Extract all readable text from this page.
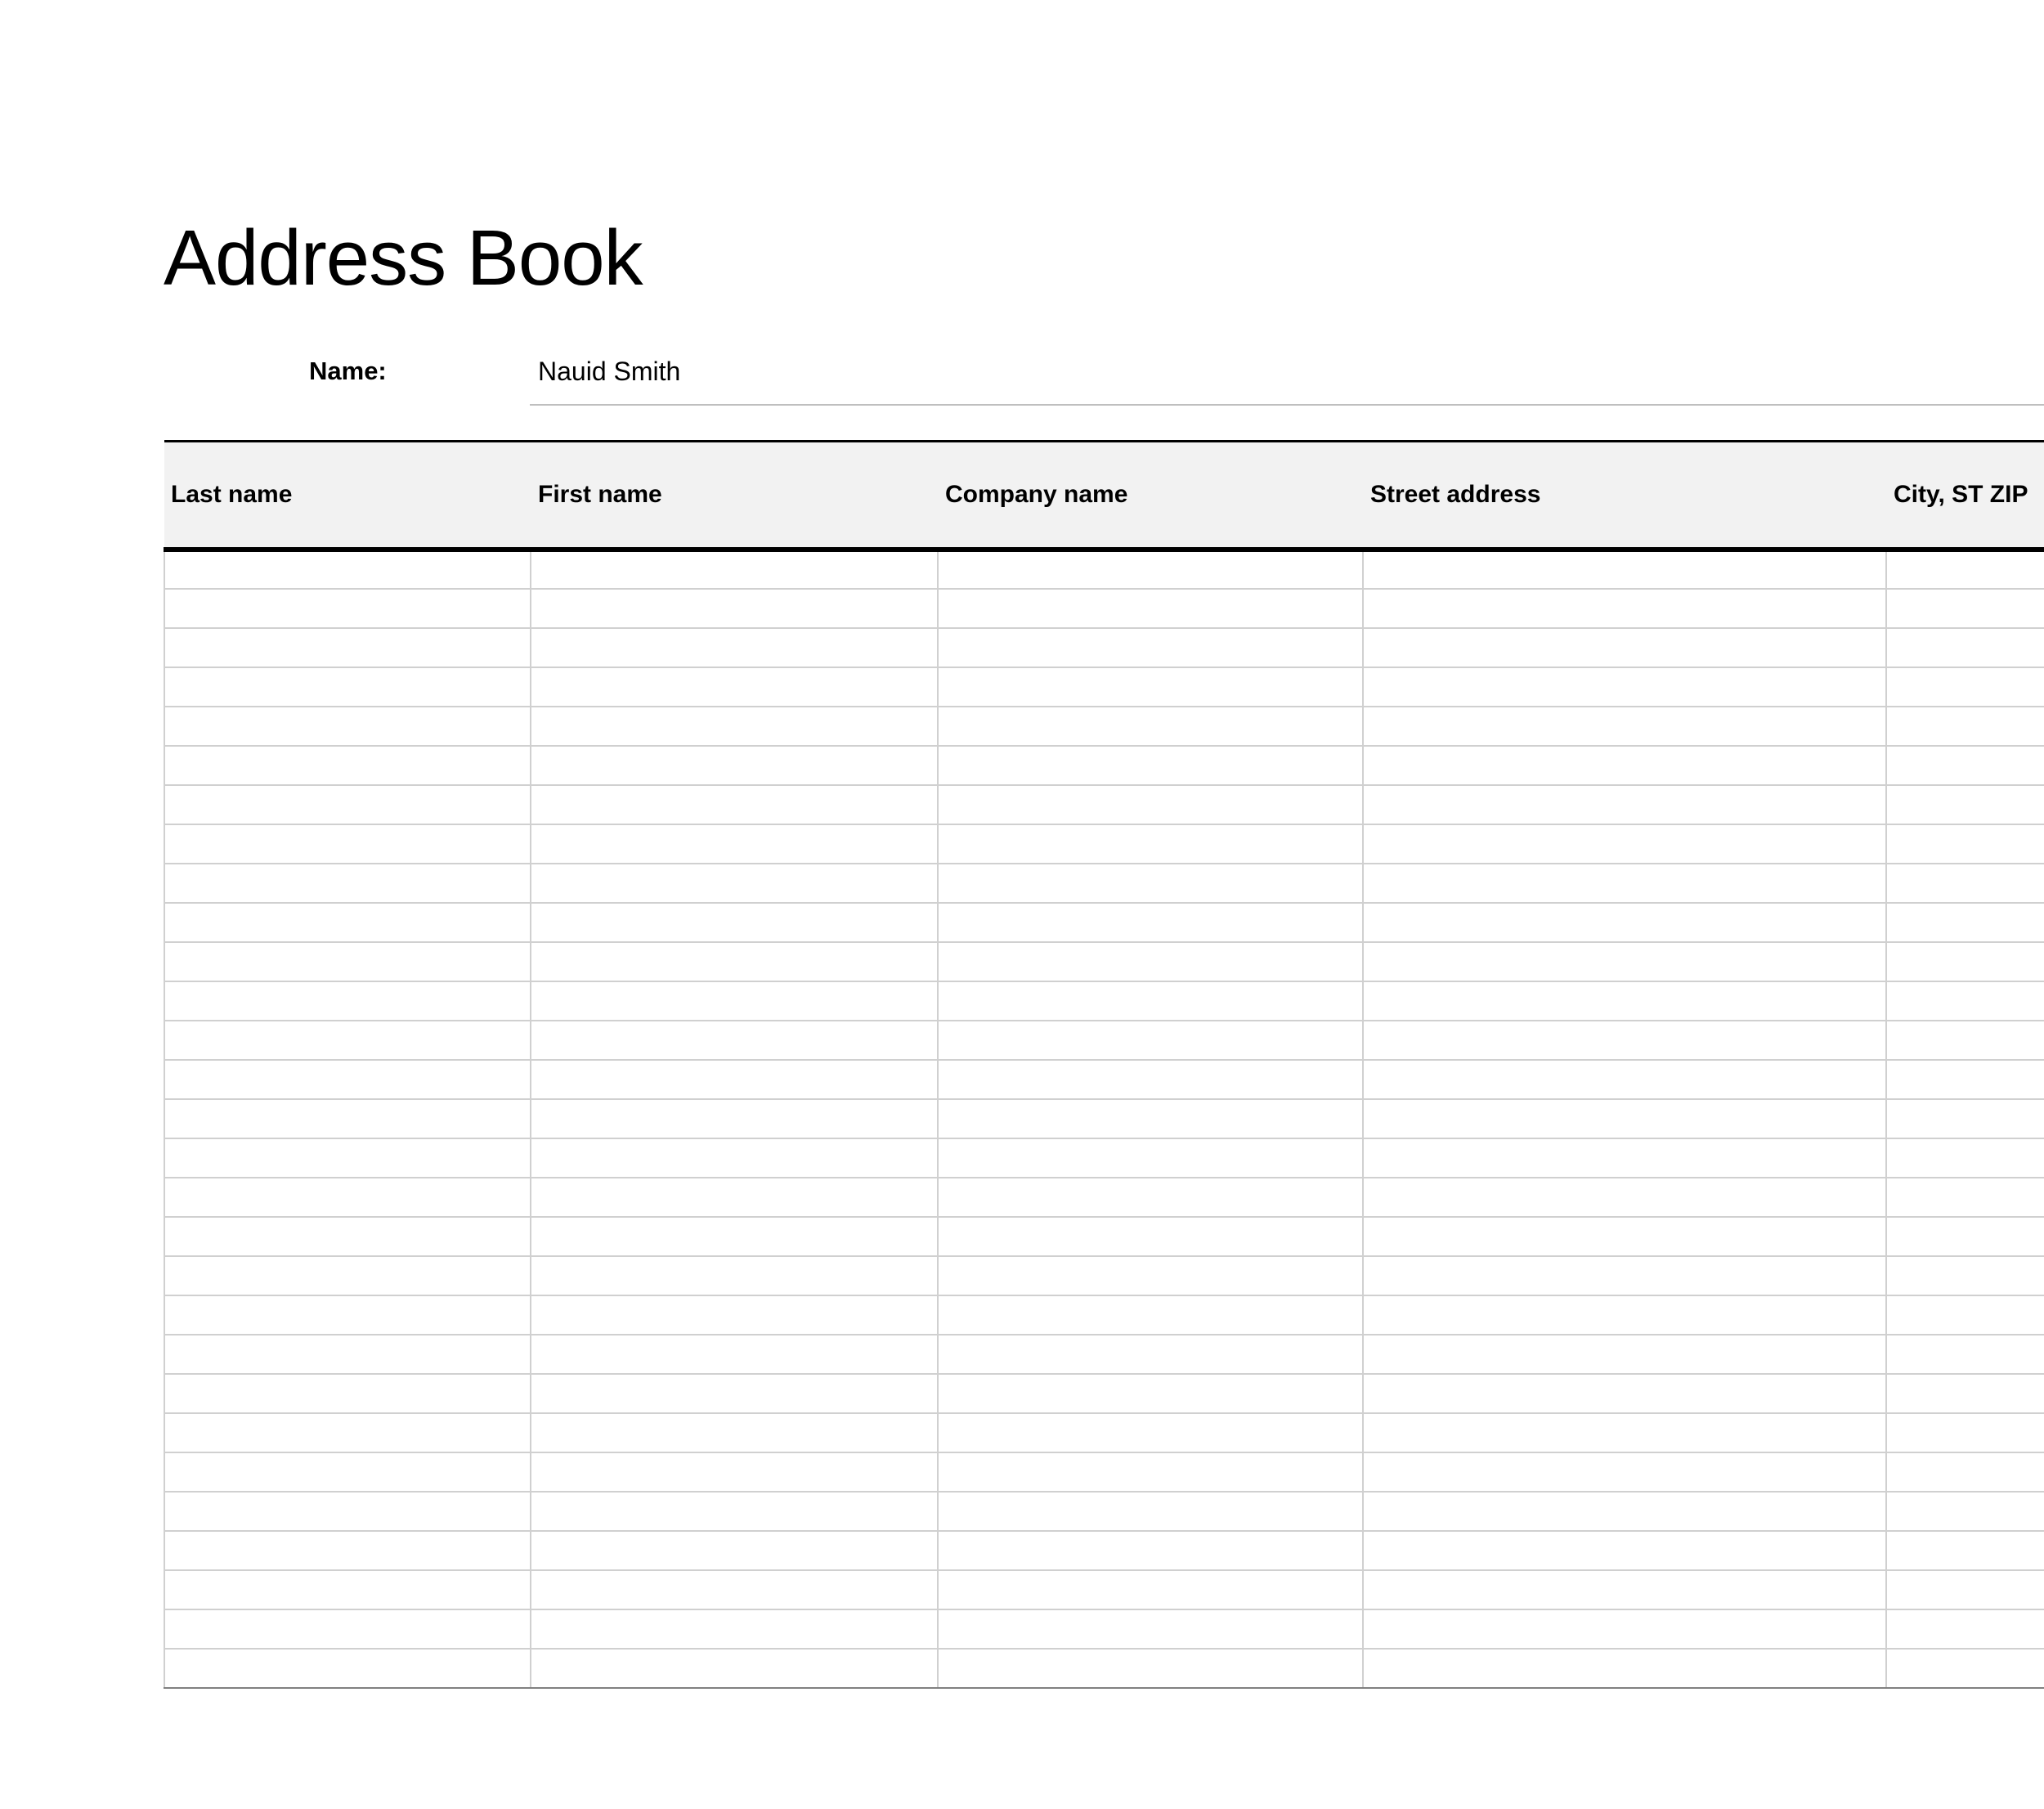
Address Book
Name:	Nauid Smith
Last name	First name	Company name	Street address	City, ST ZIP
